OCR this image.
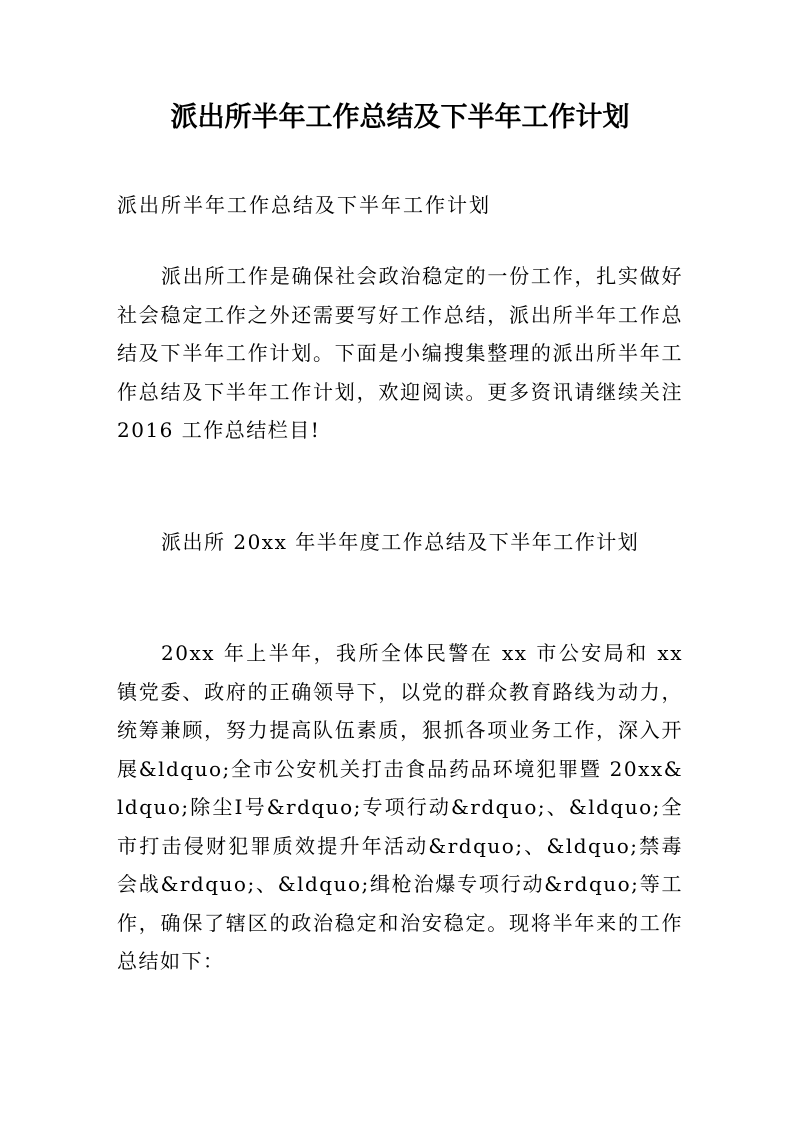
派出所半年工作总结及下半年工作计划
派出所半年工作总结及下半年工作计划

派出所工作是确保社会政治稳定的一份工作，扎实做好社会稳定工作之外还需要写好工作总结，派出所半年工作总结及下半年工作计划。下面是小编搜集整理的派出所半年工作总结及下半年工作计划，欢迎阅读。更多资讯请继续关注2016 工作总结栏目!

派出所 20xx 年半年度工作总结及下半年工作计划

20xx 年上半年，我所全体民警在 xx 市公安局和 xx 镇党委、政府的正确领导下，以党的群众教育路线为动力，统筹兼顾，努力提高队伍素质，狠抓各项业务工作，深入开展&ldquo;全市公安机关打击食品药品环境犯罪暨 20xx&ldquo;除尘Ⅰ号&rdquo;专项行动&rdquo;、&ldquo;全市打击侵财犯罪质效提升年活动&rdquo;、&ldquo;禁毒会战&rdquo;、&ldquo;缉枪治爆专项行动&rdquo;等工作，确保了辖区的政治稳定和治安稳定。现将半年来的工作总结如下：
